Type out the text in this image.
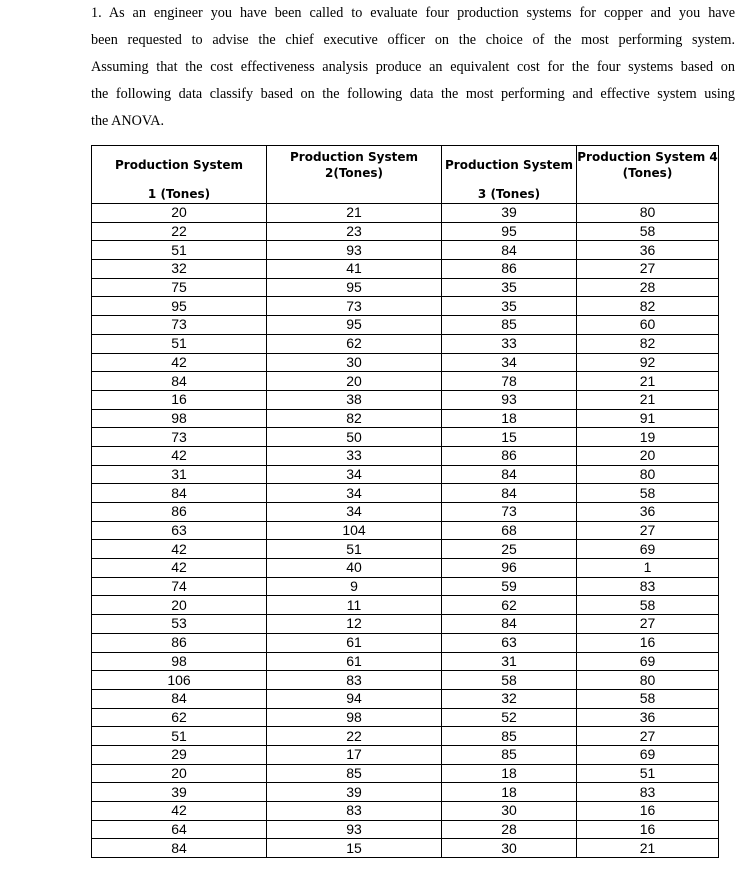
1. As an engineer you have been called to evaluate four production systems for copper and you have
been requested to advise the chief executive officer on the choice of the most performing system.
Assuming that the cost effectiveness analysis produce an equivalent cost for the four systems based on
the following data classify based on the following data the most performing and effective system using
the ANOVA.
Production System	Production System 2(Tones)	Production System	Production System 4 (Tones)
1 (Tones)		3 (Tones)	
20	21	39	80
22	23	95	58
51	93	84	36
32	41	86	27
75	95	35	28
95	73	35	82
73	95	85	60
51	62	33	82
42	30	34	92
84	20	78	21
16	38	93	21
98	82	18	91
73	50	15	19
42	33	86	20
31	34	84	80
84	34	84	58
86	34	73	36
63	104	68	27
42	51	25	69
42	40	96	1
74	9	59	83
20	11	62	58
53	12	84	27
86	61	63	16
98	61	31	69
106	83	58	80
84	94	32	58
62	98	52	36
51	22	85	27
29	17	85	69
20	85	18	51
39	39	18	83
42	83	30	16
64	93	28	16
84	15	30	21
